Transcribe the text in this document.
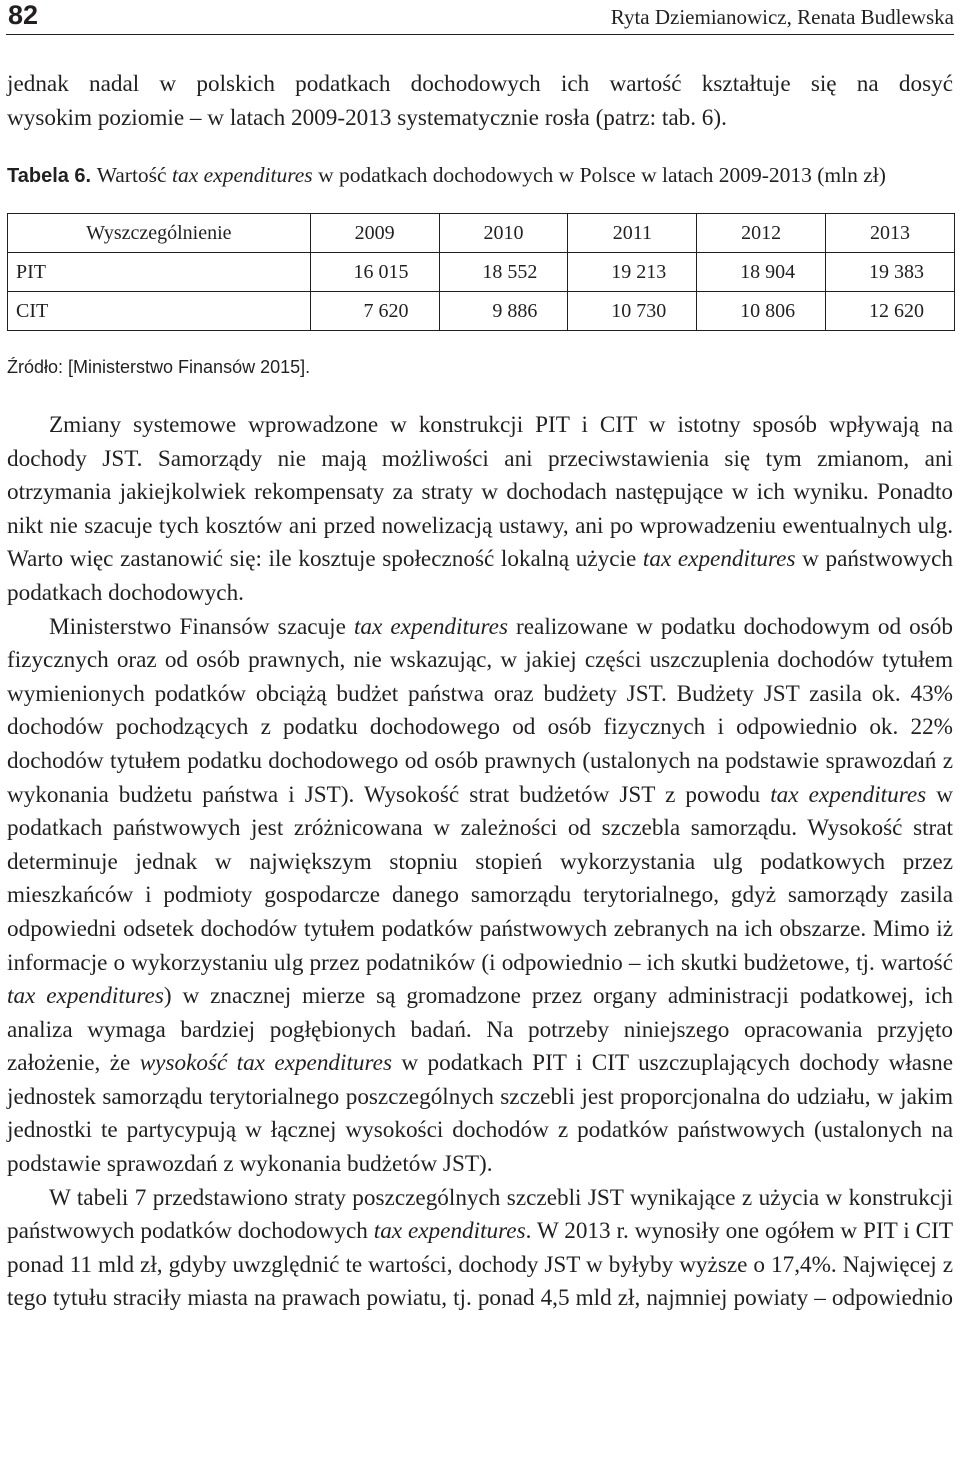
82	Ryta Dziemianowicz, Renata Budlewska

jednak nadal w polskich podatkach dochodowych ich wartość kształtuje się na dosyć

wysokim poziomie – w latach 2009-2013 systematycznie rosła (patrz: tab. 6).

Tabela 6. Wartość tax expenditures w podatkach dochodowych w Polsce w latach 2009-2013 (mln zł)
Wyszczególnienie	2009	2010	2011	2012	2013
PIT	16 015	18 552	19 213	18 904	19 383
CIT	7 620	9 886	10 730	10 806	12 620
Źródło: [Ministerstwo Finansów 2015].

Zmiany systemowe wprowadzone w konstrukcji PIT i CIT w istotny sposób wpływają na dochody JST. Samorządy nie mają możliwości ani przeciwstawienia się tym zmianom, ani otrzymania jakiejkolwiek rekompensaty za straty w dochodach następujące w ich wyniku. Ponadto nikt nie szacuje tych kosztów ani przed nowelizacją ustawy, ani po wprowadzeniu ewentualnych ulg. Warto więc zastanowić się: ile kosztuje społeczność lokalną użycie tax expenditures w państwowych podatkach dochodowych.

Ministerstwo Finansów szacuje tax expenditures realizowane w podatku dochodowym od osób fizycznych oraz od osób prawnych, nie wskazując, w jakiej części uszczuplenia dochodów tytułem wymienionych podatków obciążą budżet państwa oraz budżety JST. Budżety JST zasila ok. 43% dochodów pochodzących z podatku dochodowego od osób fizycznych i odpowiednio ok. 22% dochodów tytułem podatku dochodowego od osób prawnych (ustalonych na podstawie sprawozdań z wykonania budżetu państwa i JST). Wysokość strat budżetów JST z powodu tax expenditures w podatkach państwowych jest zróżnicowana w zależności od szczebla samorządu. Wysokość strat determinuje jednak w największym stopniu stopień wykorzystania ulg podatkowych przez mieszkańców i podmioty gospodarcze danego samorządu terytorialnego, gdyż samorządy zasila odpowiedni odsetek dochodów tytułem podatków państwowych zebranych na ich obszarze. Mimo iż informacje o wykorzystaniu ulg przez podatników (i odpowiednio – ich skutki budżetowe, tj. wartość tax expenditures) w znacznej mierze są gromadzone przez organy administracji podatkowej, ich analiza wymaga bardziej pogłębionych badań. Na potrzeby niniejszego opracowania przyjęto założenie, że wysokość tax expenditures w podatkach PIT i CIT uszczuplających dochody własne jednostek samorządu terytorialnego poszczególnych szczebli jest proporcjonalna do udziału, w jakim jednostki te partycypują w łącznej wysokości dochodów z podatków państwowych (ustalonych na podstawie sprawozdań z wykonania budżetów JST).

W tabeli 7 przedstawiono straty poszczególnych szczebli JST wynikające z użycia w konstrukcji państwowych podatków dochodowych tax expenditures. W 2013 r. wynosiły one ogółem w PIT i CIT ponad 11 mld zł, gdyby uwzględnić te wartości, dochody JST w byłyby wyższe o 17,4%. Najwięcej z tego tytułu straciły miasta na prawach powiatu, tj. ponad 4,5 mld zł, najmniej powiaty – odpowiednio
